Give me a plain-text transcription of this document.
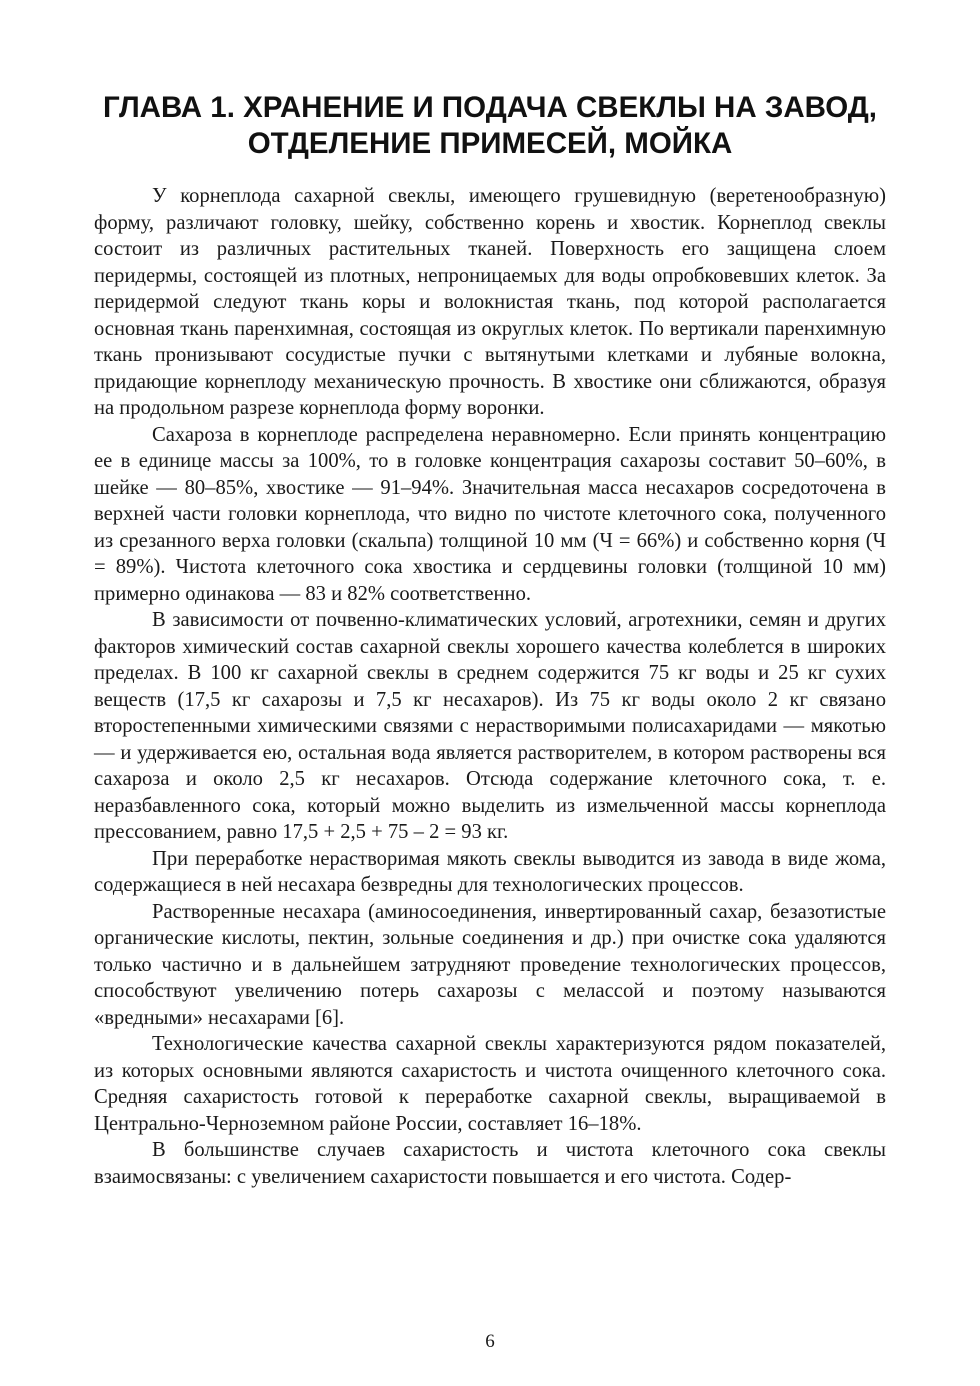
ГЛАВА 1. ХРАНЕНИЕ И ПОДАЧА СВЕКЛЫ НА ЗАВОД,
ОТДЕЛЕНИЕ ПРИМЕСЕЙ, МОЙКА

У корнеплода сахарной свеклы, имеющего грушевидную (веретенообразную) форму, различают головку, шейку, собственно корень и хвостик. Корнеплод свеклы состоит из различных растительных тканей. Поверхность его защищена слоем перидермы, состоящей из плотных, непроницаемых для воды опробковевших клеток. За перидермой следуют ткань коры и волокнистая ткань, под которой располагается основная ткань паренхимная, состоящая из округлых клеток. По вертикали паренхимную ткань пронизывают сосудистые пучки с вытянутыми клетками и лубяные волокна, придающие корнеплоду механическую прочность. В хвостике они сближаются, образуя на продольном разрезе корнеплода форму воронки.

Сахароза в корнеплоде распределена неравномерно. Если принять концентрацию ее в единице массы за 100%, то в головке концентрация сахарозы составит 50–60%, в шейке — 80–85%, хвостике — 91–94%. Значительная масса несахаров сосредоточена в верхней части головки корнеплода, что видно по чистоте клеточного сока, полученного из срезанного верха головки (скальпа) толщиной 10 мм (Ч = 66%) и собственно корня (Ч = 89%). Чистота клеточного сока хвостика и сердцевины головки (толщиной 10 мм) примерно одинакова — 83 и 82% соответственно.

В зависимости от почвенно-климатических условий, агротехники, семян и других факторов химический состав сахарной свеклы хорошего качества колеблется в широких пределах. В 100 кг сахарной свеклы в среднем содержится 75 кг воды и 25 кг сухих веществ (17,5 кг сахарозы и 7,5 кг несахаров). Из 75 кг воды около 2 кг связано второстепенными химическими связями с нерастворимыми полисахаридами — мякотью — и удерживается ею, остальная вода является растворителем, в котором растворены вся сахароза и около 2,5 кг несахаров. Отсюда содержание клеточного сока, т. е. неразбавленного сока, который можно выделить из измельченной массы корнеплода прессованием, равно 17,5 + 2,5 + 75 – 2 = 93 кг.

При переработке нерастворимая мякоть свеклы выводится из завода в виде жома, содержащиеся в ней несахара безвредны для технологических процессов.

Растворенные несахара (аминосоединения, инвертированный сахар, безазотистые органические кислоты, пектин, зольные соединения и др.) при очистке сока удаляются только частично и в дальнейшем затрудняют проведение технологических процессов, способствуют увеличению потерь сахарозы с мелассой и поэтому называются «вредными» несахарами [6].

Технологические качества сахарной свеклы характеризуются рядом показателей, из которых основными являются сахаристость и чистота очищенного клеточного сока. Средняя сахаристость готовой к переработке сахарной свеклы, выращиваемой в Центрально-Черноземном районе России, составляет 16–18%.

В большинстве случаев сахаристость и чистота клеточного сока свеклы взаимосвязаны: с увеличением сахаристости повышается и его чистота. Содер-

6
